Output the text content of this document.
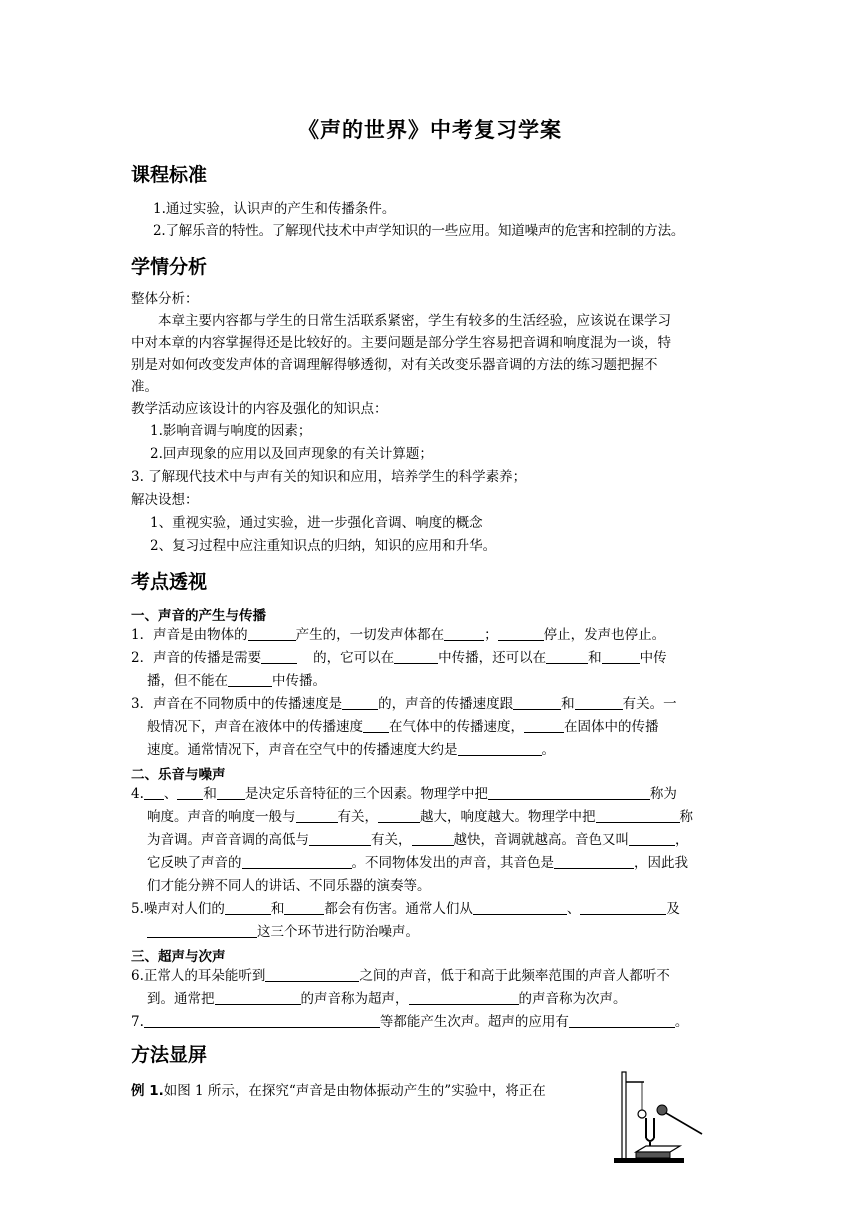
《声的世界》中考复习学案
课程标准
1.通过实验，认识声的产生和传播条件。
2.了解乐音的特性。了解现代技术中声学知识的一些应用。知道噪声的危害和控制的方法。
学情分析
整体分析：
本章主要内容都与学生的日常生活联系紧密，学生有较多的生活经验，应该说在课学习
中对本章的内容掌握得还是比较好的。主要问题是部分学生容易把音调和响度混为一谈，特
别是对如何改变发声体的音调理解得够透彻，对有关改变乐器音调的方法的练习题把握不
准。
教学活动应该设计的内容及强化的知识点：
1.影响音调与响度的因素；
2.回声现象的应用以及回声现象的有关计算题；
3. 了解现代技术中与声有关的知识和应用，培养学生的科学素养；
解决设想：
1、重视实验，通过实验，进一步强化音调、响度的概念
2、复习过程中应注重知识点的归纳，知识的应用和升华。
考点透视
一、声音的产生与传播
1．声音是由物体的	产生的，一切发声体都在	；	停止，发声也停止。
2．声音的传播是需要	的，它可以在	中传播，还可以在	和	中传
播，但不能在	中传播。
3．声音在不同物质中的传播速度是	的，声音的传播速度跟	和	有关。一
般情况下，声音在液体中的传播速度 在气体中的传播速度，	在固体中的传播
速度。通常情况下，声音在空气中的传播速度大约是	。
二、乐音与噪声
4. 、 和 是决定乐音特征的三个因素。物理学中把	称为
响度。声音的响度一般与	有关，	越大，响度越大。物理学中把	称
为音调。声音音调的高低与	有关，	越快，音调就越高。音色又叫	，
它反映了声音的	。不同物体发出的声音，其音色是	，因此我
们才能分辨不同人的讲话、不同乐器的演奏等。
5.噪声对人们的	和	都会有伤害。通常人们从	、	及
这三个环节进行防治噪声。
三、超声与次声
6.正常人的耳朵能听到	之间的声音，低于和高于此频率范围的声音人都听不
到。通常把	的声音称为超声，	的声音称为次声。
7.	等都能产生次声。超声的应用有	。
方法显屏
例 1.如图 1 所示，在探究“声音是由物体振动产生的”实验中，将正在
